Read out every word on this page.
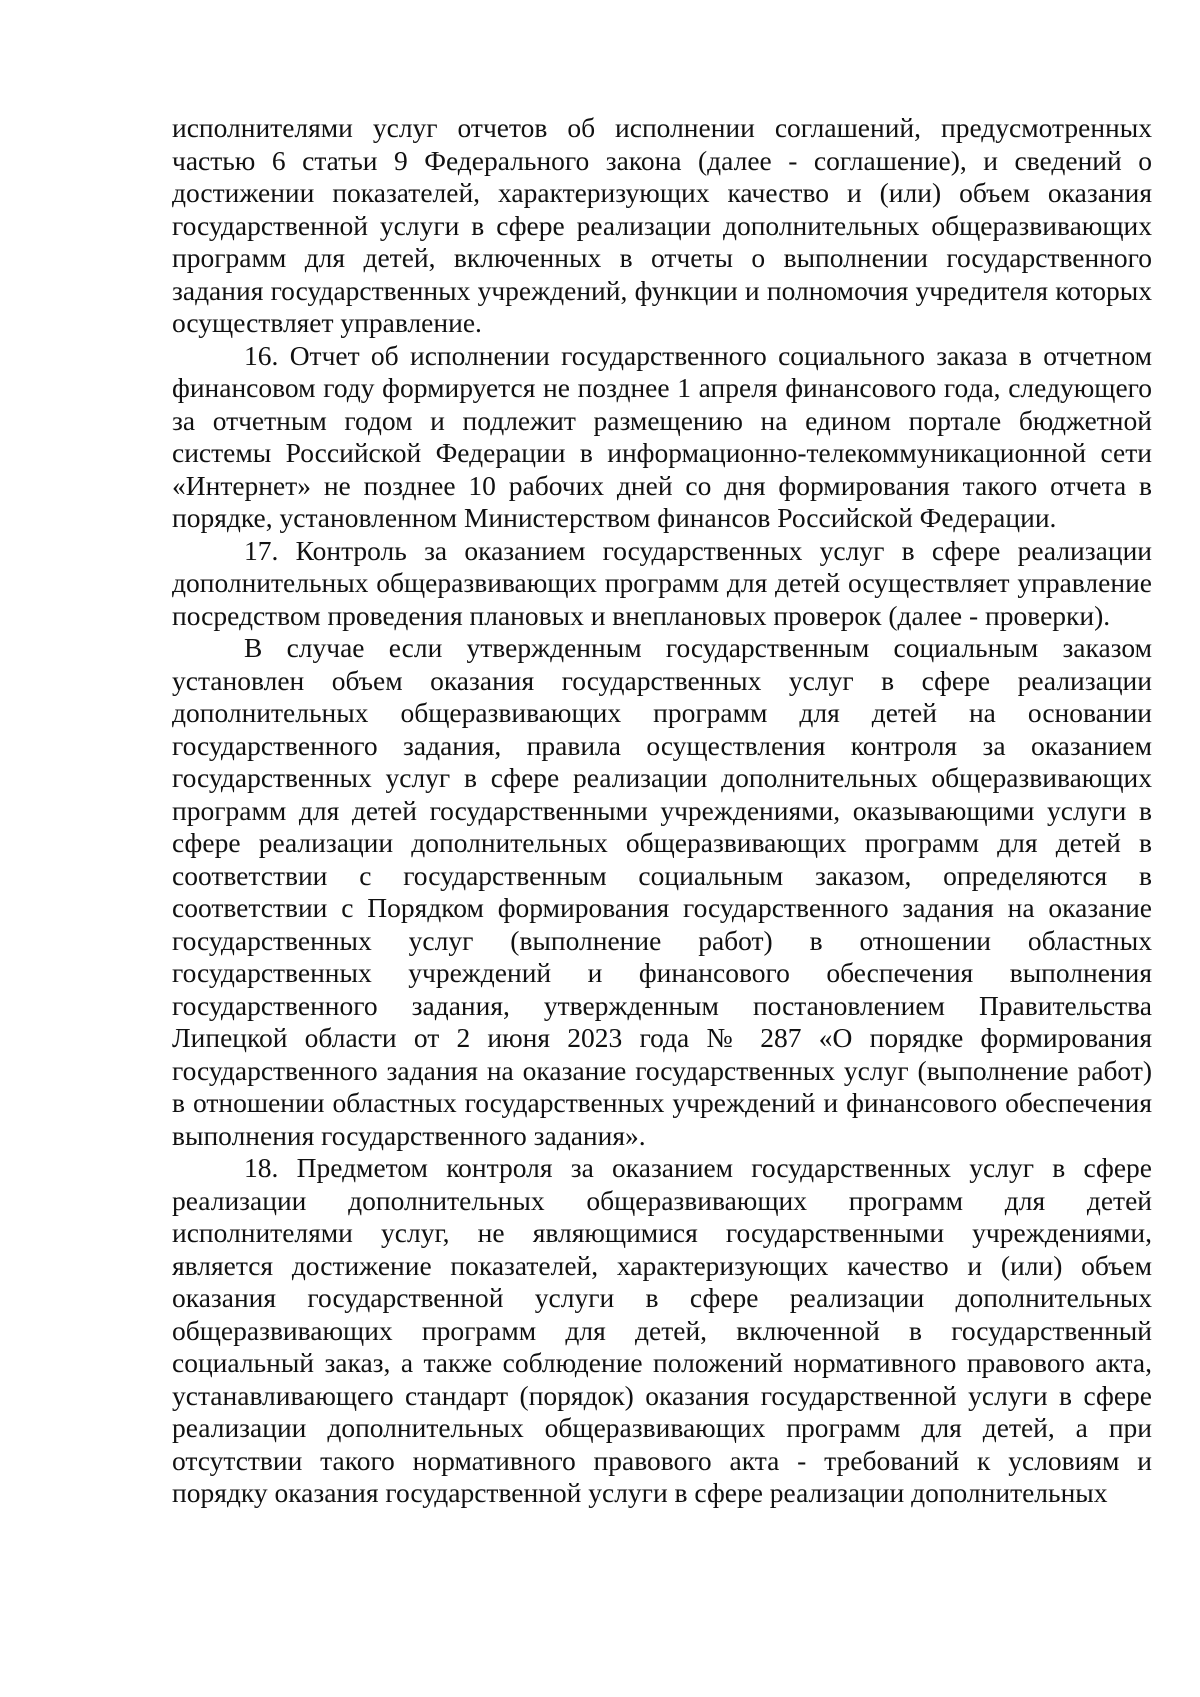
исполнителями услуг отчетов об исполнении соглашений, предусмотренных частью 6 статьи 9 Федерального закона (далее - соглашение), и сведений о достижении показателей, характеризующих качество и (или) объем оказания государственной услуги в сфере реализации дополнительных общеразвивающих программ для детей, включенных в отчеты о выполнении государственного задания государственных учреждений, функции и полномочия учредителя которых осуществляет управление.

16. Отчет об исполнении государственного социального заказа в отчетном финансовом году формируется не позднее 1 апреля финансового года, следующего за отчетным годом и подлежит размещению на едином портале бюджетной системы Российской Федерации в информационно-телекоммуникационной сети «Интернет» не позднее 10 рабочих дней со дня формирования такого отчета в порядке, установленном Министерством финансов Российской Федерации.

17. Контроль за оказанием государственных услуг в сфере реализации дополнительных общеразвивающих программ для детей осуществляет управление посредством проведения плановых и внеплановых проверок (далее - проверки).

В случае если утвержденным государственным социальным заказом установлен объем оказания государственных услуг в сфере реализации дополнительных общеразвивающих программ для детей на основании государственного задания, правила осуществления контроля за оказанием государственных услуг в сфере реализации дополнительных общеразвивающих программ для детей государственными учреждениями, оказывающими услуги в сфере реализации дополнительных общеразвивающих программ для детей в соответствии с государственным социальным заказом, определяются в соответствии с Порядком формирования государственного задания на оказание государственных услуг (выполнение работ) в отношении областных государственных учреждений и финансового обеспечения выполнения государственного задания, утвержденным постановлением Правительства Липецкой области от 2 июня 2023 года № 287 «О порядке формирования государственного задания на оказание государственных услуг (выполнение работ) в отношении областных государственных учреждений и финансового обеспечения выполнения государственного задания».

18. Предметом контроля за оказанием государственных услуг в сфере реализации дополнительных общеразвивающих программ для детей исполнителями услуг, не являющимися государственными учреждениями, является достижение показателей, характеризующих качество и (или) объем оказания государственной услуги в сфере реализации дополнительных общеразвивающих программ для детей, включенной в государственный социальный заказ, а также соблюдение положений нормативного правового акта, устанавливающего стандарт (порядок) оказания государственной услуги в сфере реализации дополнительных общеразвивающих программ для детей, а при отсутствии такого нормативного правового акта - требований к условиям и порядку оказания государственной услуги в сфере реализации дополнительных
